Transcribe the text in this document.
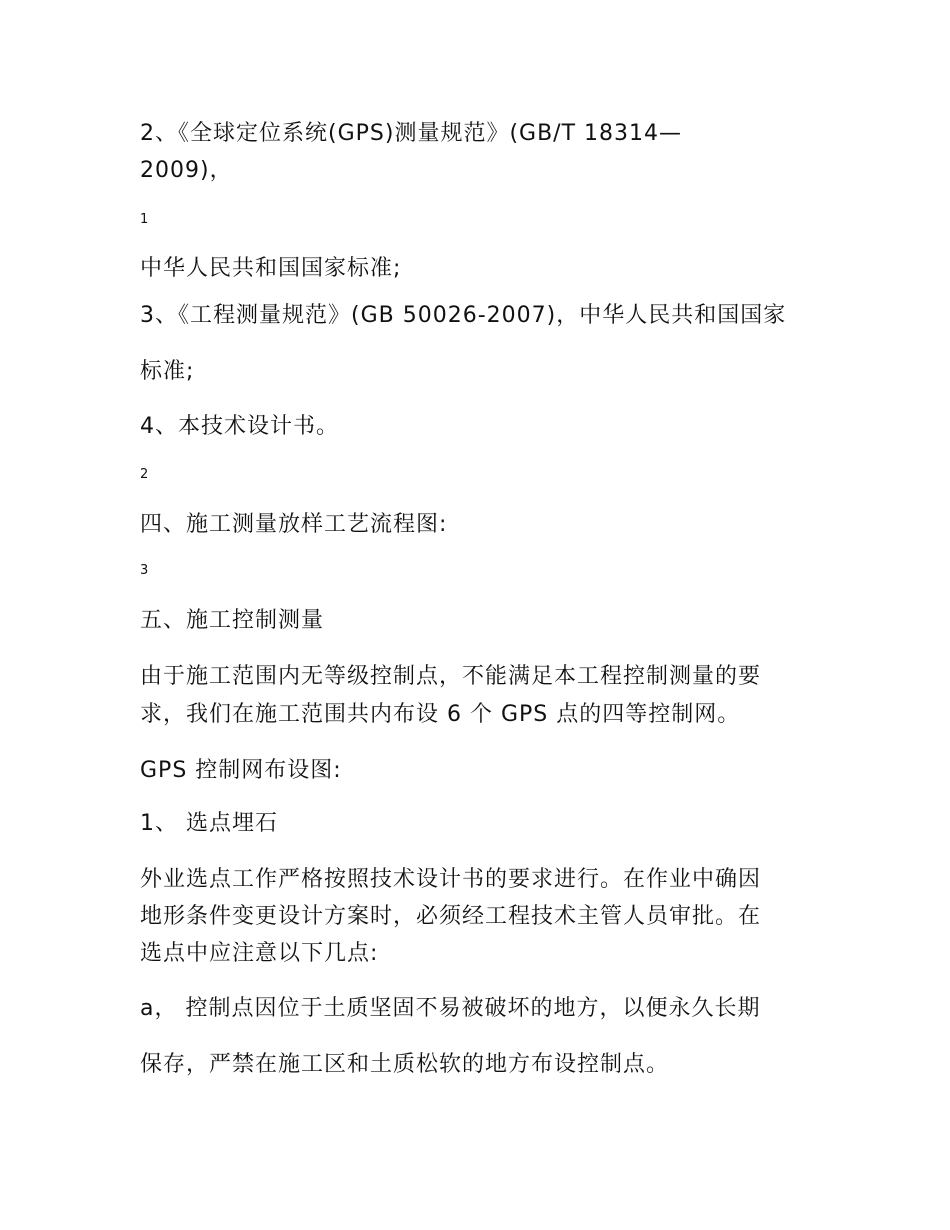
2、《全球定位系统(GPS)测量规范》(GB/T 18314—
2009)，
1
中华人民共和国国家标准;
3、《工程测量规范》(GB 50026-2007)，中华人民共和国国家
标准;
4、本技术设计书。
2
四、施工测量放样工艺流程图:
3
五、施工控制测量
由于施工范围内无等级控制点，不能满足本工程控制测量的要
求，我们在施工范围共内布设 6 个 GPS 点的四等控制网。
GPS 控制网布设图:
1、 选点埋石
外业选点工作严格按照技术设计书的要求进行。在作业中确因
地形条件变更设计方案时，必须经工程技术主管人员审批。在
选点中应注意以下几点:
a， 控制点因位于土质坚固不易被破坏的地方，以便永久长期
保存，严禁在施工区和土质松软的地方布设控制点。
